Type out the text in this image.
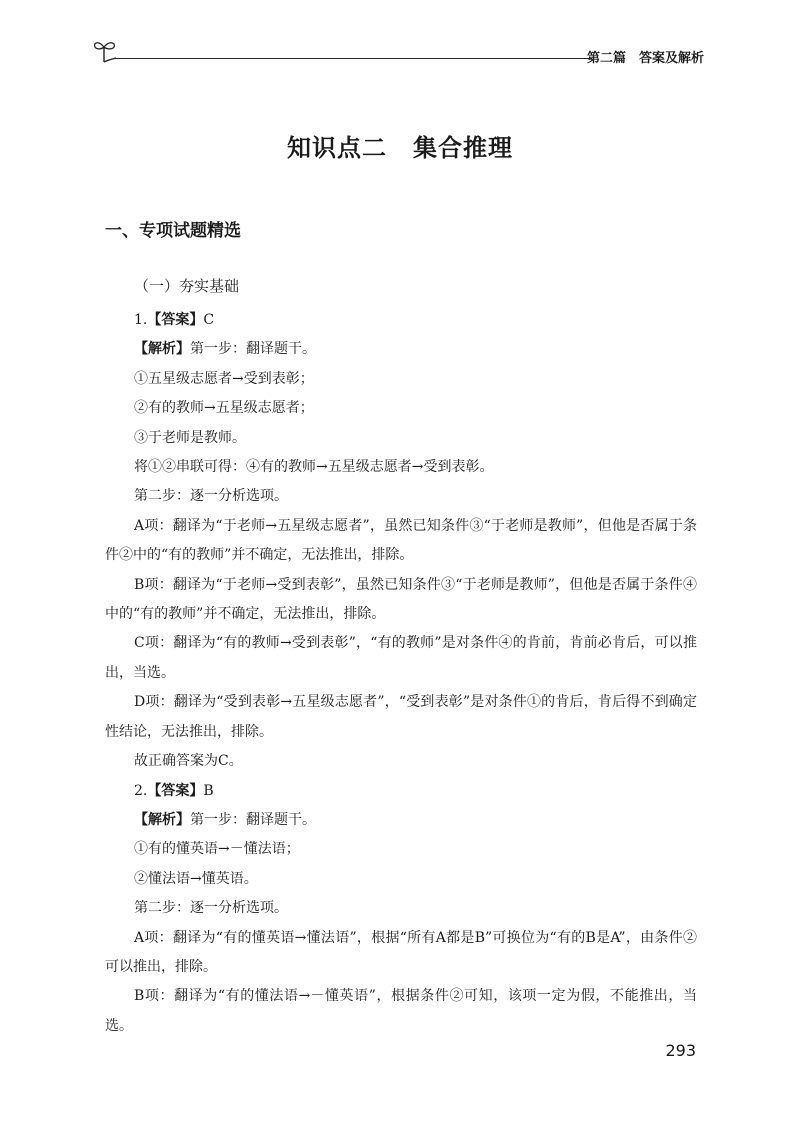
第二篇　答案及解析
知识点二 集合推理
一、专项试题精选
（一）夯实基础

1.【答案】C

【解析】第一步：翻译题干。

①五星级志愿者→受到表彰；

②有的教师→五星级志愿者；

③于老师是教师。

将①②串联可得：④有的教师→五星级志愿者→受到表彰。

第二步：逐一分析选项。

A项：翻译为“于老师→五星级志愿者”，虽然已知条件③“于老师是教师”，但他是否属于条件②中的“有的教师”并不确定，无法推出，排除。

B项：翻译为“于老师→受到表彰”，虽然已知条件③“于老师是教师”，但他是否属于条件④中的“有的教师”并不确定，无法推出，排除。

C项：翻译为“有的教师→受到表彰”，“有的教师”是对条件④的肯前，肯前必肯后，可以推出，当选。

D项：翻译为“受到表彰→五星级志愿者”，“受到表彰”是对条件①的肯后，肯后得不到确定性结论，无法推出，排除。

故正确答案为C。

2.【答案】B

【解析】第一步：翻译题干。

①有的懂英语→－懂法语；

②懂法语→懂英语。

第二步：逐一分析选项。

A项：翻译为“有的懂英语→懂法语”，根据“所有A都是B”可换位为“有的B是A”，由条件②可以推出，排除。

B项：翻译为“有的懂法语→－懂英语”，根据条件②可知，该项一定为假，不能推出，当选。

293
